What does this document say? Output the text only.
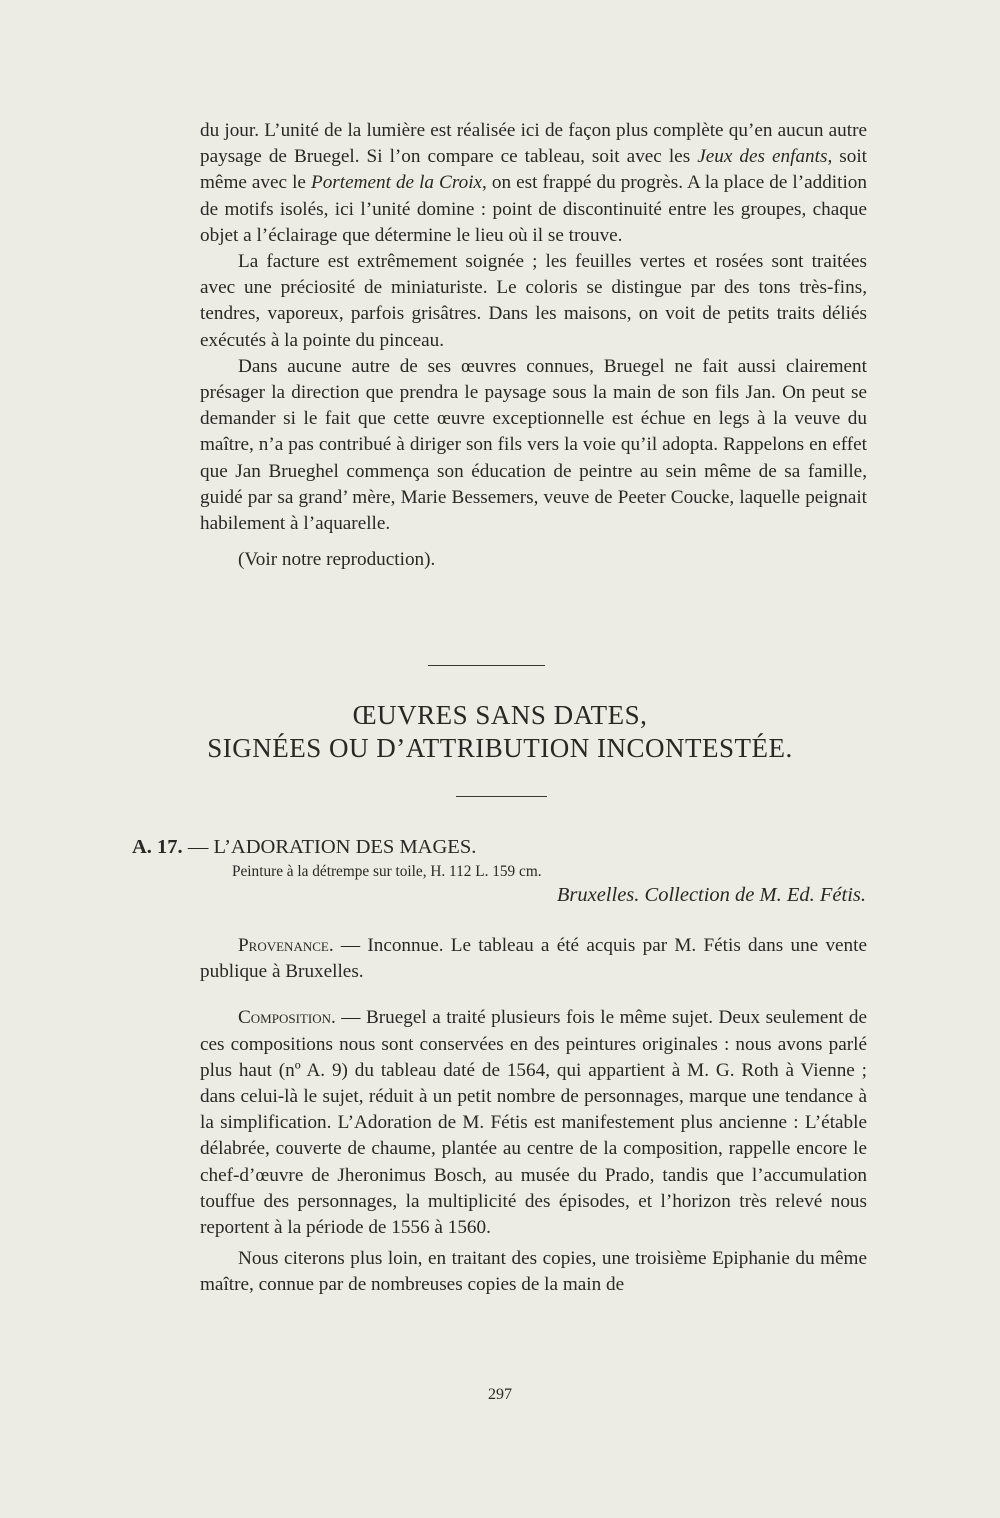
du jour. L’unité de la lumière est réalisée ici de façon plus complète qu’en aucun autre paysage de Bruegel. Si l’on compare ce tableau, soit avec les Jeux des enfants, soit même avec le Portement de la Croix, on est frappé du progrès. A la place de l’addition de motifs isolés, ici l’unité domine : point de discontinuité entre les groupes, chaque objet a l’éclairage que détermine le lieu où il se trouve.

La facture est extrêmement soignée ; les feuilles vertes et rosées sont traitées avec une préciosité de miniaturiste. Le coloris se distingue par des tons très-fins, tendres, vaporeux, parfois grisâtres. Dans les maisons, on voit de petits traits déliés exécutés à la pointe du pinceau.

Dans aucune autre de ses œuvres connues, Bruegel ne fait aussi clairement présager la direction que prendra le paysage sous la main de son fils Jan. On peut se demander si le fait que cette œuvre exceptionnelle est échue en legs à la veuve du maître, n’a pas contribué à diriger son fils vers la voie qu’il adopta. Rappelons en effet que Jan Brueghel commença son éducation de peintre au sein même de sa famille, guidé par sa grand’ mère, Marie Bessemers, veuve de Peeter Coucke, laquelle peignait habilement à l’aquarelle.

(Voir notre reproduction).

ŒUVRES SANS DATES,
SIGNÉES OU D’ATTRIBUTION INCONTESTÉE.
A. 17. — L’ADORATION DES MAGES.
Peinture à la détrempe sur toile, H. 112 L. 159 cm.
Bruxelles. Collection de M. Ed. Fétis.

Provenance. — Inconnue. Le tableau a été acquis par M. Fétis dans une vente publique à Bruxelles.

Composition. — Bruegel a traité plusieurs fois le même sujet. Deux seulement de ces compositions nous sont conservées en des peintures originales : nous avons parlé plus haut (nº A. 9) du tableau daté de 1564, qui appartient à M. G. Roth à Vienne ; dans celui-là le sujet, réduit à un petit nombre de personnages, marque une tendance à la simplification. L’Adoration de M. Fétis est manifestement plus ancienne : L’étable délabrée, couverte de chaume, plantée au centre de la composition, rappelle encore le chef-d’œuvre de Jheronimus Bosch, au musée du Prado, tandis que l’accumulation touffue des personnages, la multiplicité des épisodes, et l’horizon très relevé nous reportent à la période de 1556 à 1560.

Nous citerons plus loin, en traitant des copies, une troisième Epiphanie du même maître, connue par de nombreuses copies de la main de

297
